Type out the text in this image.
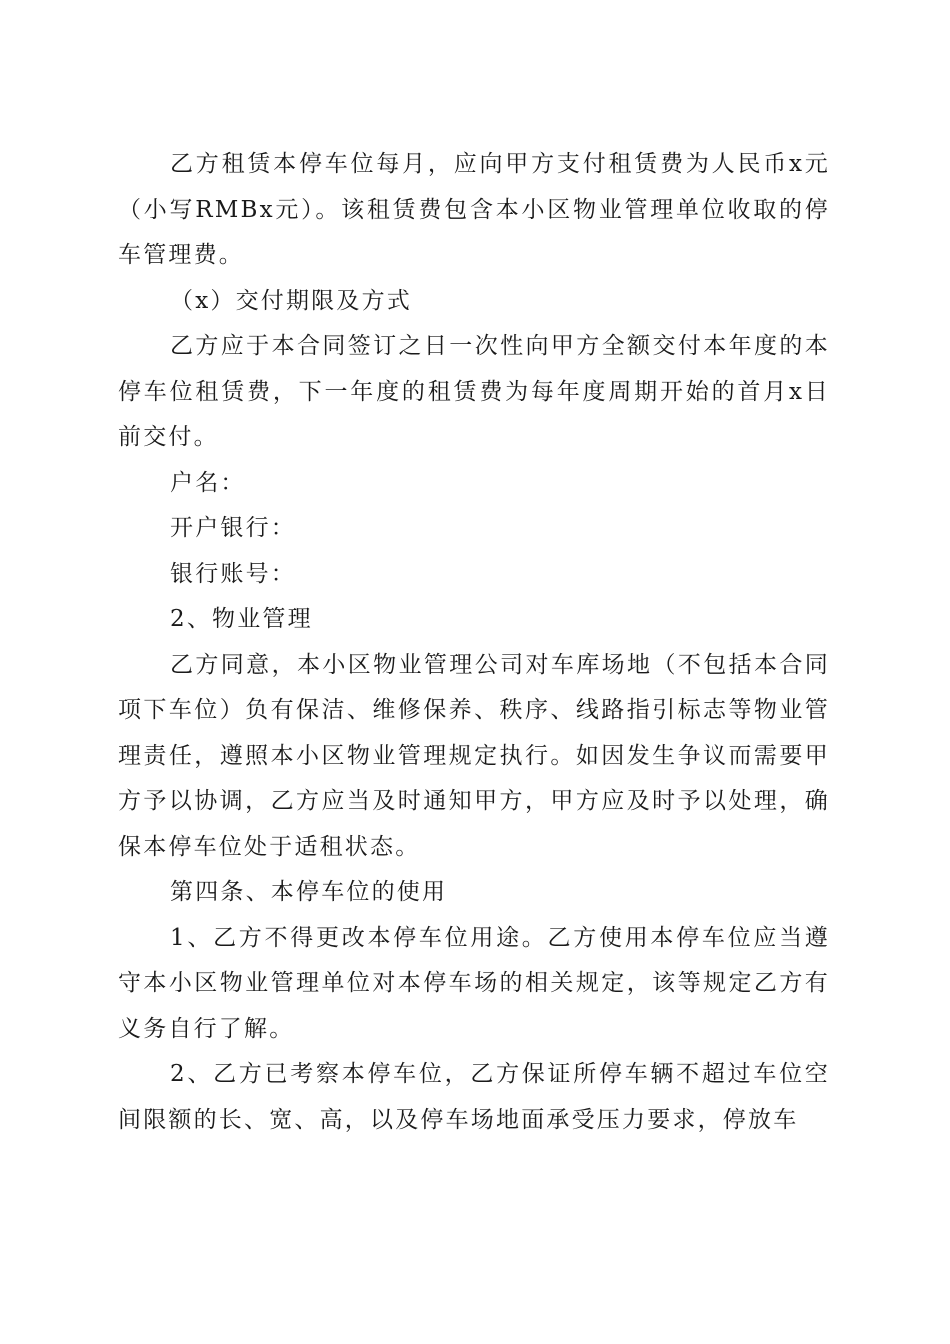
乙方租赁本停车位每月，应向甲方支付租赁费为人民币x元（小写RMBx元）。该租赁费包含本小区物业管理单位收取的停车管理费。

（x）交付期限及方式

乙方应于本合同签订之日一次性向甲方全额交付本年度的本停车位租赁费，下一年度的租赁费为每年度周期开始的首月x日前交付。

户名：

开户银行：

银行账号：

2、物业管理

乙方同意，本小区物业管理公司对车库场地（不包括本合同项下车位）负有保洁、维修保养、秩序、线路指引标志等物业管理责任，遵照本小区物业管理规定执行。如因发生争议而需要甲方予以协调，乙方应当及时通知甲方，甲方应及时予以处理，确保本停车位处于适租状态。

第四条、本停车位的使用

1、乙方不得更改本停车位用途。乙方使用本停车位应当遵守本小区物业管理单位对本停车场的相关规定，该等规定乙方有义务自行了解。

2、乙方已考察本停车位，乙方保证所停车辆不超过车位空间限额的长、宽、高，以及停车场地面承受压力要求，停放车
